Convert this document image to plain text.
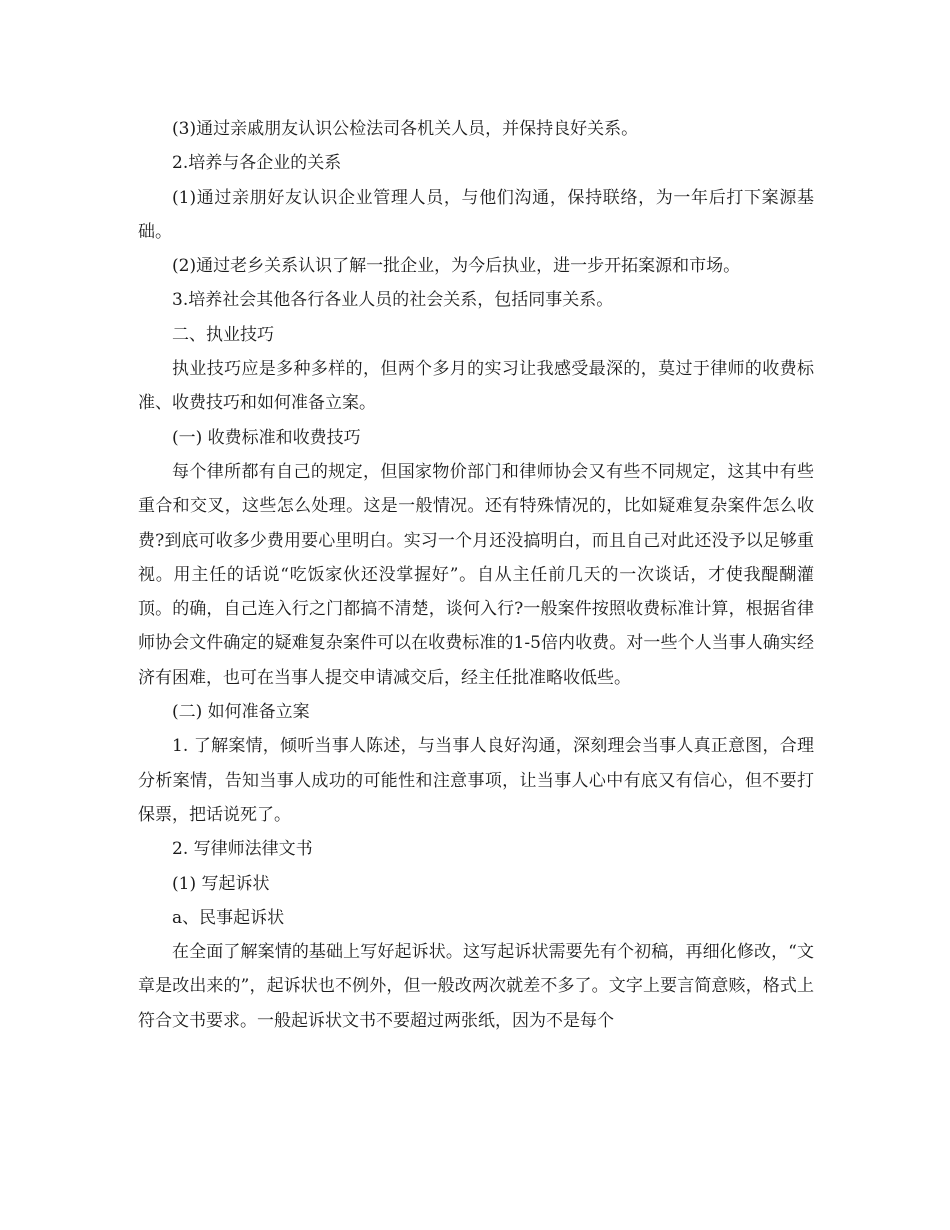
(3)通过亲戚朋友认识公检法司各机关人员，并保持良好关系。

2.培养与各企业的关系

(1)通过亲朋好友认识企业管理人员，与他们沟通，保持联络，为一年后打下案源基础。

(2)通过老乡关系认识了解一批企业，为今后执业，进一步开拓案源和市场。

3.培养社会其他各行各业人员的社会关系，包括同事关系。

二、执业技巧

执业技巧应是多种多样的，但两个多月的实习让我感受最深的，莫过于律师的收费标准、收费技巧和如何准备立案。

(一) 收费标准和收费技巧

每个律所都有自己的规定，但国家物价部门和律师协会又有些不同规定，这其中有些重合和交叉，这些怎么处理。这是一般情况。还有特殊情况的，比如疑难复杂案件怎么收费?到底可收多少费用要心里明白。实习一个月还没搞明白，而且自己对此还没予以足够重视。用主任的话说“吃饭家伙还没掌握好”。自从主任前几天的一次谈话，才使我醍醐灌顶。的确，自己连入行之门都搞不清楚，谈何入行?一般案件按照收费标准计算，根据省律师协会文件确定的疑难复杂案件可以在收费标准的1-5倍内收费。对一些个人当事人确实经济有困难，也可在当事人提交申请减交后，经主任批准略收低些。

(二) 如何准备立案

1. 了解案情，倾听当事人陈述，与当事人良好沟通，深刻理会当事人真正意图，合理分析案情，告知当事人成功的可能性和注意事项，让当事人心中有底又有信心，但不要打保票，把话说死了。

2. 写律师法律文书

(1) 写起诉状

a、民事起诉状

在全面了解案情的基础上写好起诉状。这写起诉状需要先有个初稿，再细化修改，“文章是改出来的”，起诉状也不例外，但一般改两次就差不多了。文字上要言简意赅，格式上符合文书要求。一般起诉状文书不要超过两张纸，因为不是每个
